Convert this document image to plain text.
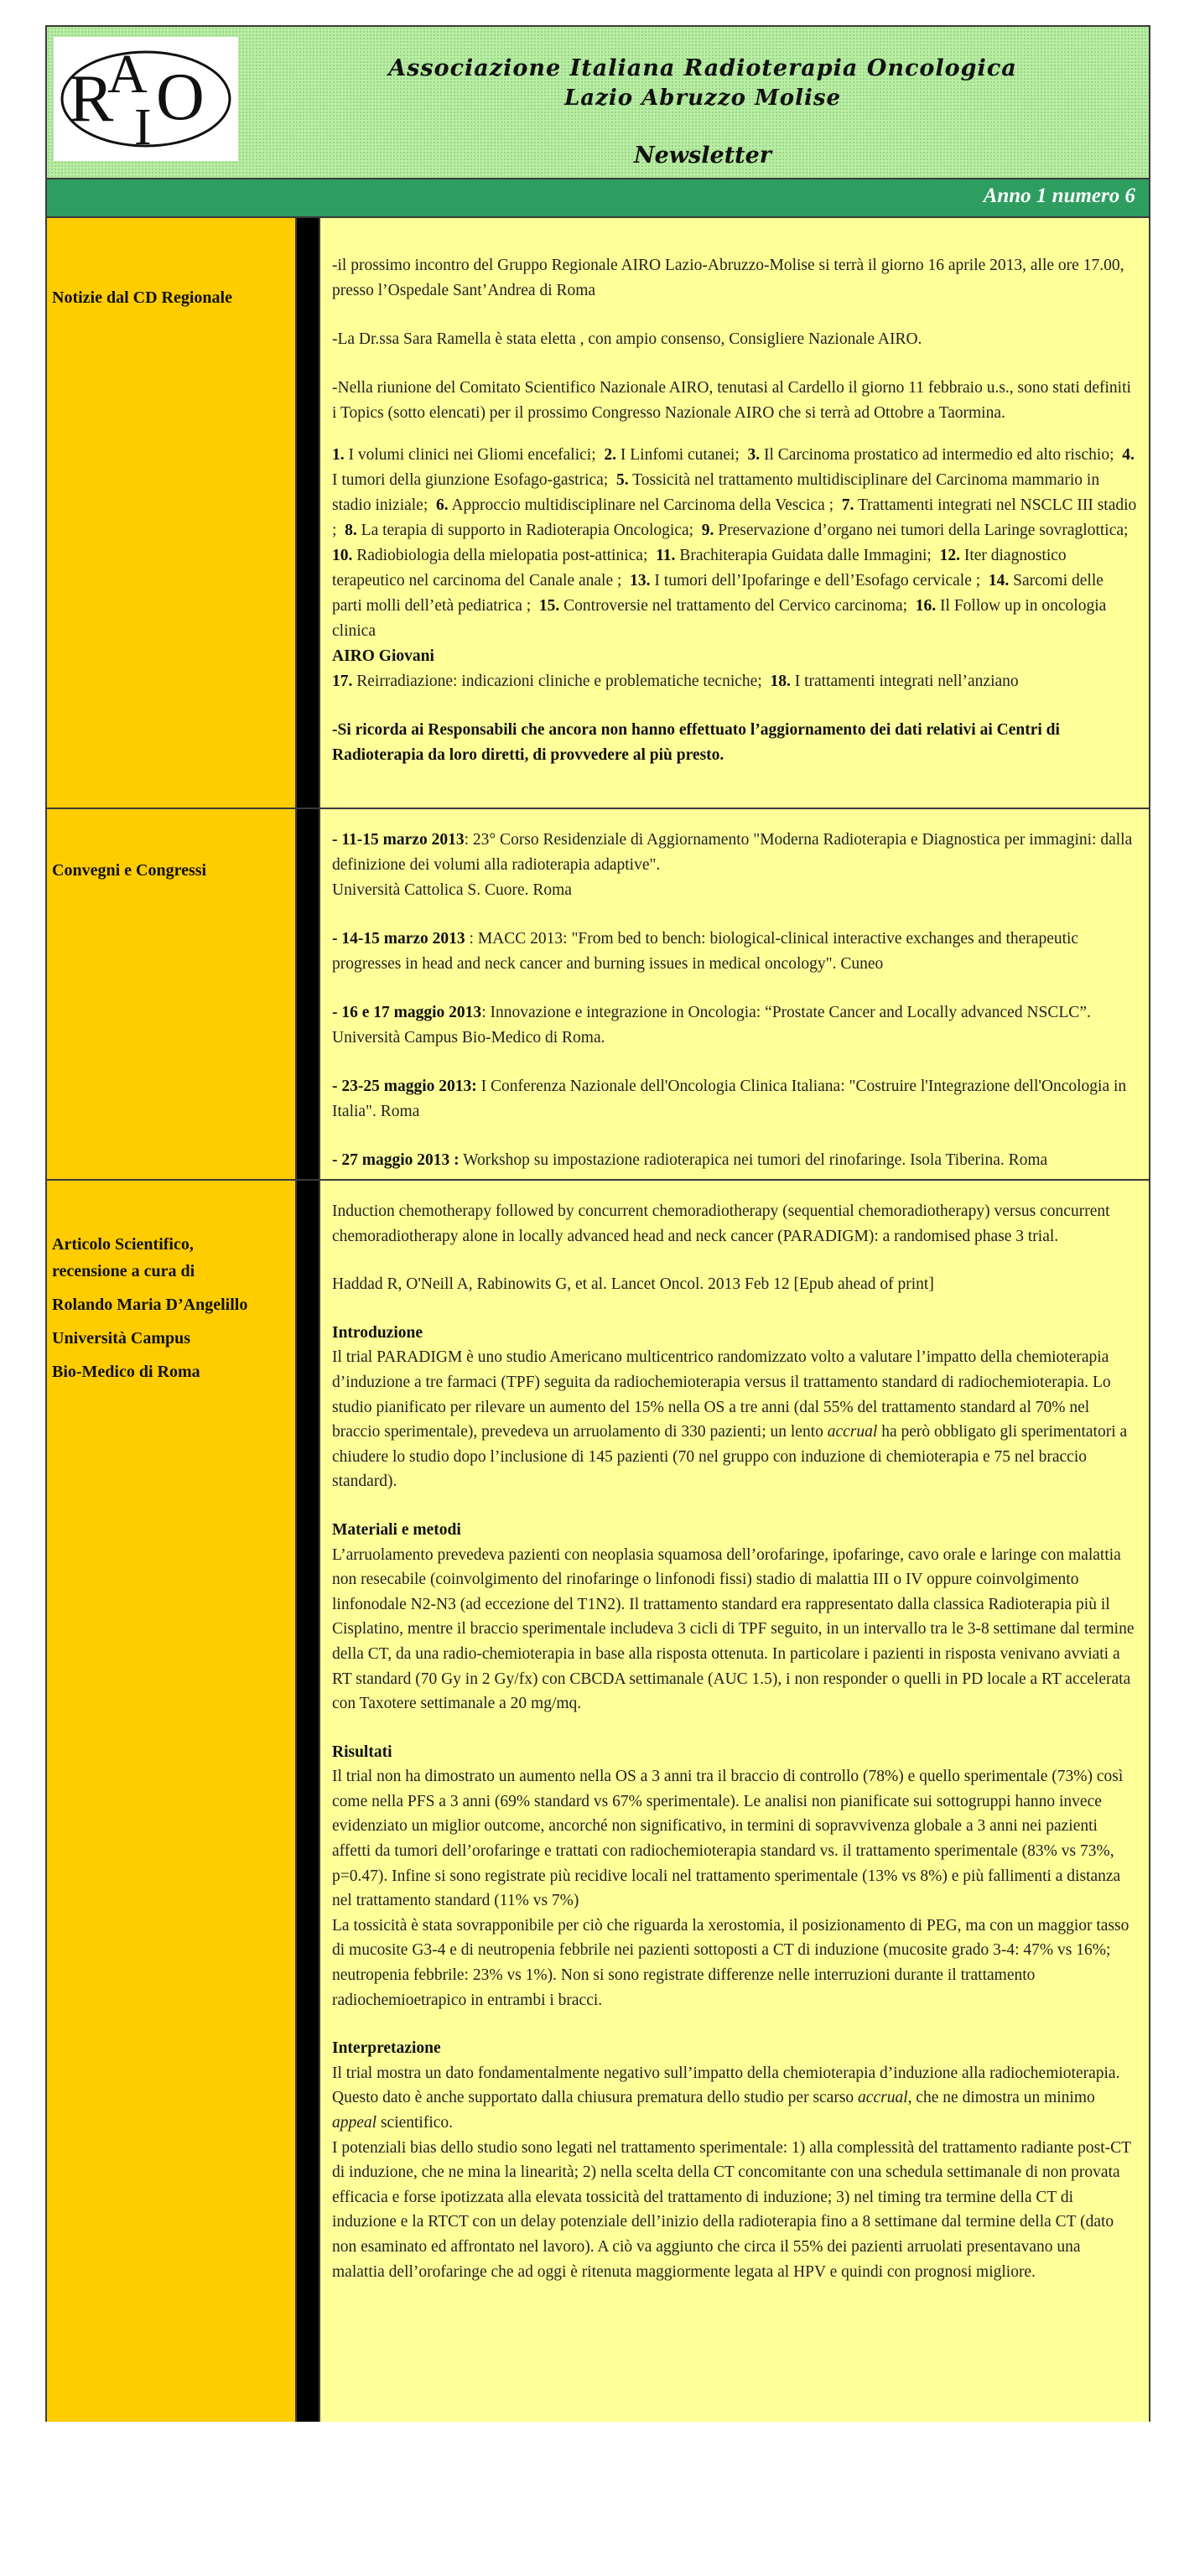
R
A
I O	Associazione Italiana Radioterapia Oncologica
Lazio Abruzzo Molise
Newsletter
Anno 1 numero 6
Notizie dal CD Regionale

-il prossimo incontro del Gruppo Regionale AIRO Lazio-Abruzzo-Molise si terrà il giorno 16 aprile 2013, alle ore 17.00, presso l’Ospedale Sant’Andrea di Roma

-La Dr.ssa Sara Ramella è stata eletta , con ampio consenso, Consigliere Nazionale AIRO.

-Nella riunione del Comitato Scientifico Nazionale AIRO, tenutasi al Cardello il giorno 11 febbraio u.s., sono stati definiti i Topics (sotto elencati) per il prossimo Congresso Nazionale AIRO che si terrà ad Ottobre a Taormina.

1. I volumi clinici nei Gliomi encefalici; 2. I Linfomi cutanei; 3. Il Carcinoma prostatico ad intermedio ed alto rischio; 4. I tumori della giunzione Esofago-gastrica; 5. Tossicità nel trattamento multidisciplinare del Carcinoma mammario in stadio iniziale; 6. Approccio multidisciplinare nel Carcinoma della Vescica ; 7. Trattamenti integrati nel NSCLC III stadio ; 8. La terapia di supporto in Radioterapia Oncologica; 9. Preservazione d’organo nei tumori della Laringe sovraglottica;  10. Radiobiologia della mielopatia post-attinica; 11. Brachiterapia Guidata dalle Immagini; 12. Iter diagnostico terapeutico nel carcinoma del Canale anale ; 13. I tumori dell’Ipofaringe e dell’Esofago cervicale ; 14. Sarcomi delle parti molli dell’età pediatrica ; 15. Controversie nel trattamento del Cervico carcinoma; 16. Il Follow up in oncologia clinica

AIRO Giovani

17. Reirradiazione: indicazioni cliniche e problematiche tecniche; 18. I trattamenti integrati nell’anziano

-Si ricorda ai Responsabili che ancora non hanno effettuato l’aggiornamento dei dati relativi ai Centri di Radioterapia da loro diretti, di provvedere al più presto.

Convegni e Congressi

- 11-15 marzo 2013: 23° Corso Residenziale di Aggiornamento "Moderna Radioterapia e Diagnostica per immagini: dalla definizione dei volumi alla radioterapia adaptive".
Università Cattolica S. Cuore. Roma

- 14-15 marzo 2013 : MACC 2013: "From bed to bench: biological-clinical interactive exchanges and therapeutic progresses in head and neck cancer and burning issues in medical oncology". Cuneo

- 16 e 17 maggio 2013: Innovazione e integrazione in Oncologia: “Prostate Cancer and Locally advanced NSCLC”. Università Campus Bio-Medico di Roma.

- 23-25 maggio 2013: I Conferenza Nazionale dell'Oncologia Clinica Italiana: "Costruire l'Integrazione dell'Oncologia in Italia". Roma

- 27 maggio 2013 : Workshop su impostazione radioterapica nei tumori del rinofaringe. Isola Tiberina. Roma

Articolo Scientifico,
recensione a cura di
Rolando Maria D’Angelillo
Università Campus
Bio-Medico di Roma

Induction chemotherapy followed by concurrent chemoradiotherapy (sequential chemoradiotherapy) versus concurrent chemoradiotherapy alone in locally advanced head and neck cancer (PARADIGM): a randomised phase 3 trial.

Haddad R, O'Neill A, Rabinowits G, et al. Lancet Oncol. 2013 Feb 12 [Epub ahead of print]

Introduzione

Il trial PARADIGM è uno studio Americano multicentrico randomizzato volto a valutare l’impatto della chemioterapia d’induzione a tre farmaci (TPF) seguita da radiochemioterapia versus il trattamento standard di radiochemioterapia. Lo studio pianificato per rilevare un aumento del 15% nella OS a tre anni (dal 55% del trattamento standard al 70% nel braccio sperimentale), prevedeva un arruolamento di 330 pazienti; un lento accrual ha però obbligato gli sperimentatori a chiudere lo studio dopo l’inclusione di 145 pazienti (70 nel gruppo con induzione di chemioterapia e 75 nel braccio standard).

Materiali e metodi

L’arruolamento prevedeva pazienti con neoplasia squamosa dell’orofaringe, ipofaringe, cavo orale e laringe con malattia non resecabile (coinvolgimento del rinofaringe o linfonodi fissi) stadio di malattia III o IV oppure coinvolgimento linfonodale N2-N3 (ad eccezione del T1N2). Il trattamento standard era rappresentato dalla classica Radioterapia più il Cisplatino, mentre il braccio sperimentale includeva 3 cicli di TPF seguito, in un intervallo tra le 3-8 settimane dal termine della CT, da una radio-chemioterapia in base alla risposta ottenuta. In particolare i pazienti in risposta venivano avviati a RT standard (70 Gy in 2 Gy/fx) con CBCDA settimanale (AUC 1.5), i non responder o quelli in PD locale a RT accelerata con Taxotere settimanale a 20 mg/mq.

Risultati

Il trial non ha dimostrato un aumento nella OS a 3 anni tra il braccio di controllo (78%) e quello sperimentale (73%) così come nella PFS a 3 anni (69% standard vs 67% sperimentale). Le analisi non pianificate sui sottogruppi hanno invece evidenziato un miglior outcome, ancorché non significativo, in termini di sopravvivenza globale a 3 anni nei pazienti affetti da tumori dell’orofaringe e trattati con radiochemioterapia standard vs. il trattamento sperimentale (83% vs 73%, p=0.47). Infine si sono registrate più recidive locali nel trattamento sperimentale (13% vs 8%) e più fallimenti a distanza nel trattamento standard (11% vs 7%)

La tossicità è stata sovrapponibile per ciò che riguarda la xerostomia, il posizionamento di PEG, ma con un maggior tasso di mucosite G3-4 e di neutropenia febbrile nei pazienti sottoposti a CT di induzione (mucosite grado 3-4: 47% vs 16%; neutropenia febbrile: 23% vs 1%). Non si sono registrate differenze nelle interruzioni durante il trattamento radiochemioetrapico in entrambi i bracci.

Interpretazione

Il trial mostra un dato fondamentalmente negativo sull’impatto della chemioterapia d’induzione alla radiochemioterapia. Questo dato è anche supportato dalla chiusura prematura dello studio per scarso accrual, che ne dimostra un minimo appeal scientifico.

I potenziali bias dello studio sono legati nel trattamento sperimentale: 1) alla complessità del trattamento radiante post-CT di induzione, che ne mina la linearità; 2) nella scelta della CT concomitante con una schedula settimanale di non provata efficacia e forse ipotizzata alla elevata tossicità del trattamento di induzione; 3) nel timing tra termine della CT di induzione e la RTCT con un delay potenziale dell’inizio della radioterapia fino a 8 settimane dal termine della CT (dato non esaminato ed affrontato nel lavoro). A ciò va aggiunto che circa il 55% dei pazienti arruolati presentavano una malattia dell’orofaringe che ad oggi è ritenuta maggiormente legata al HPV e quindi con prognosi migliore.
